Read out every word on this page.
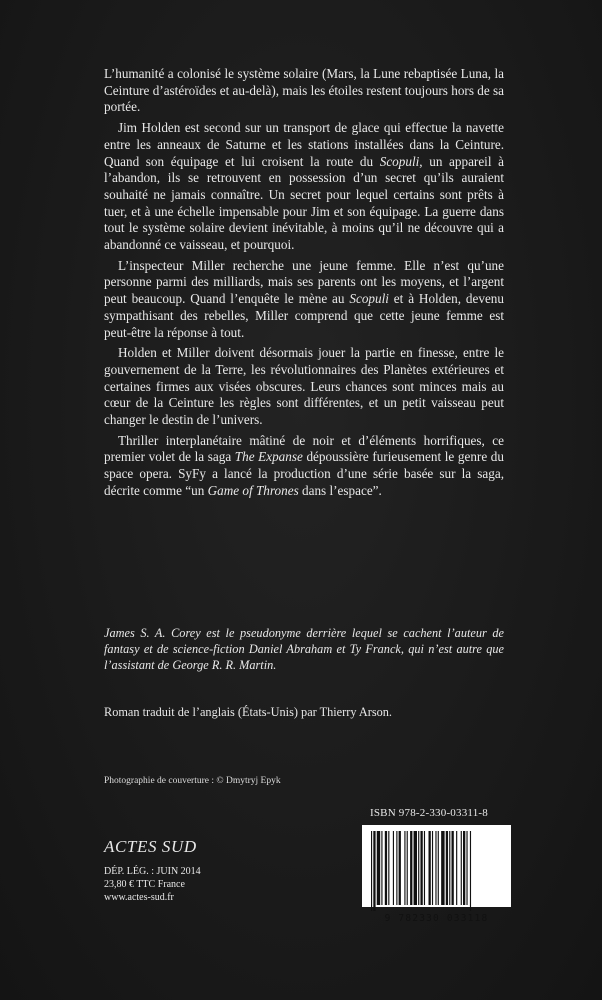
L’humanité a colonisé le système solaire (Mars, la Lune rebaptisée Luna, la Ceinture d’astéroïdes et au-delà), mais les étoiles restent toujours hors de sa portée.

Jim Holden est second sur un transport de glace qui effectue la navette entre les anneaux de Saturne et les stations installées dans la Ceinture. Quand son équipage et lui croisent la route du Scopuli, un appareil à l’abandon, ils se retrouvent en possession d’un secret qu’ils auraient souhaité ne jamais connaître. Un secret pour lequel certains sont prêts à tuer, et à une échelle impensable pour Jim et son équipage. La guerre dans tout le système solaire devient inévitable, à moins qu’il ne découvre qui a abandonné ce vaisseau, et pourquoi.

L’inspecteur Miller recherche une jeune femme. Elle n’est qu’une personne parmi des milliards, mais ses parents ont les moyens, et l’argent peut beaucoup. Quand l’enquête le mène au Scopuli et à Holden, devenu sympathisant des rebelles, Miller comprend que cette jeune femme est peut-être la réponse à tout.

Holden et Miller doivent désormais jouer la partie en finesse, entre le gouvernement de la Terre, les révolutionnaires des Planètes extérieures et certaines firmes aux visées obscures. Leurs chances sont minces mais au cœur de la Ceinture les règles sont différentes, et un petit vaisseau peut changer le destin de l’univers.

Thriller interplanétaire mâtiné de noir et d’éléments horrifiques, ce premier volet de la saga The Expanse dépoussière furieusement le genre du space opera. SyFy a lancé la production d’une série basée sur la saga, décrite comme “un Game of Thrones dans l’espace”.

James S. A. Corey est le pseudonyme derrière lequel se cachent l’auteur de fantasy et de science-fiction Daniel Abraham et Ty Franck, qui n’est autre que l’assistant de George R. R. Martin.

Roman traduit de l’anglais (États-Unis) par Thierry Arson.

Photographie de couverture : © Dmytryj Epyk

ISBN 978-2-330-03311-8

ACTES SUD

DÉP. LÉG. : JUIN 2014
23,80 € TTC France
www.actes-sud.fr
9 782330 033118
